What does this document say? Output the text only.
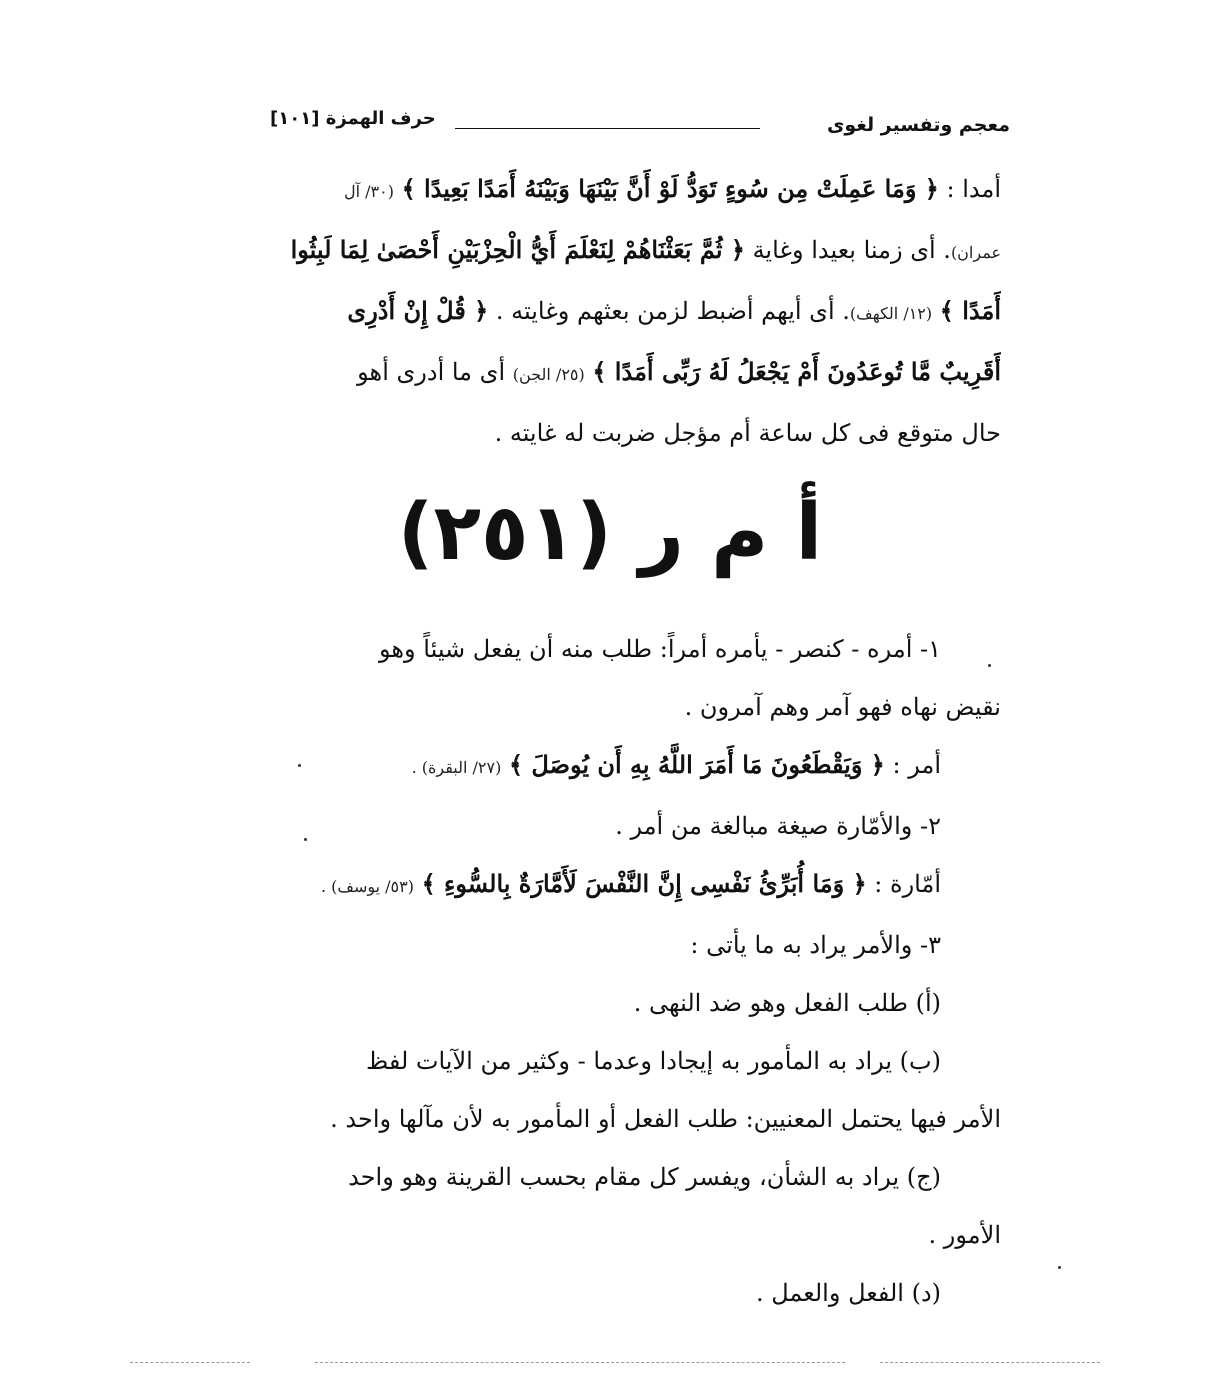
معجم وتفسير لغوى
حرف الهمزة [١٠١]
أمدا : ﴿ وَمَا عَمِلَتْ مِن سُوءٍ تَوَدُّ لَوْ أَنَّ بَيْنَهَا وَبَيْنَهُ أَمَدًا بَعِيدًا ﴾ (٣٠/ آل
عمران). أى زمنا بعيدا وغاية ﴿ ثُمَّ بَعَثْنَاهُمْ لِنَعْلَمَ أَيُّ الْحِزْبَيْنِ أَحْصَىٰ لِمَا لَبِثُوا
أَمَدًا ﴾ (١٢/ الكهف). أى أيهم أضبط لزمن بعثهم وغايته . ﴿ قُلْ إِنْ أَدْرِى
أَقَرِيبٌ مَّا تُوعَدُونَ أَمْ يَجْعَلُ لَهُ رَبِّى أَمَدًا ﴾ (٢٥/ الجن) أى ما أدرى أهو
حال متوقع فى كل ساعة أم مؤجل ضربت له غايته .
أ م ر (٢٥١)
١- أمره - كنصر - يأمره أمراً: طلب منه أن يفعل شيئاً وهو
نقيض نهاه فهو آمر وهم آمرون .
أمر : ﴿ وَيَقْطَعُونَ مَا أَمَرَ اللَّهُ بِهِ أَن يُوصَلَ ﴾ (٢٧/ البقرة) .
٢- والأمّارة صيغة مبالغة من أمر .
أمّارة : ﴿ وَمَا أُبَرِّئُ نَفْسِى إِنَّ النَّفْسَ لَأَمَّارَةٌ بِالسُّوءِ ﴾ (٥٣/ يوسف) .
٣- والأمر يراد به ما يأتى :
(أ) طلب الفعل وهو ضد النهى .
(ب) يراد به المأمور به إيجادا وعدما - وكثير من الآيات لفظ
الأمر فيها يحتمل المعنيين: طلب الفعل أو المأمور به لأن مآلها واحد .
(ج) يراد به الشأن، ويفسر كل مقام بحسب القرينة وهو واحد
الأمور .
(د) الفعل والعمل .
